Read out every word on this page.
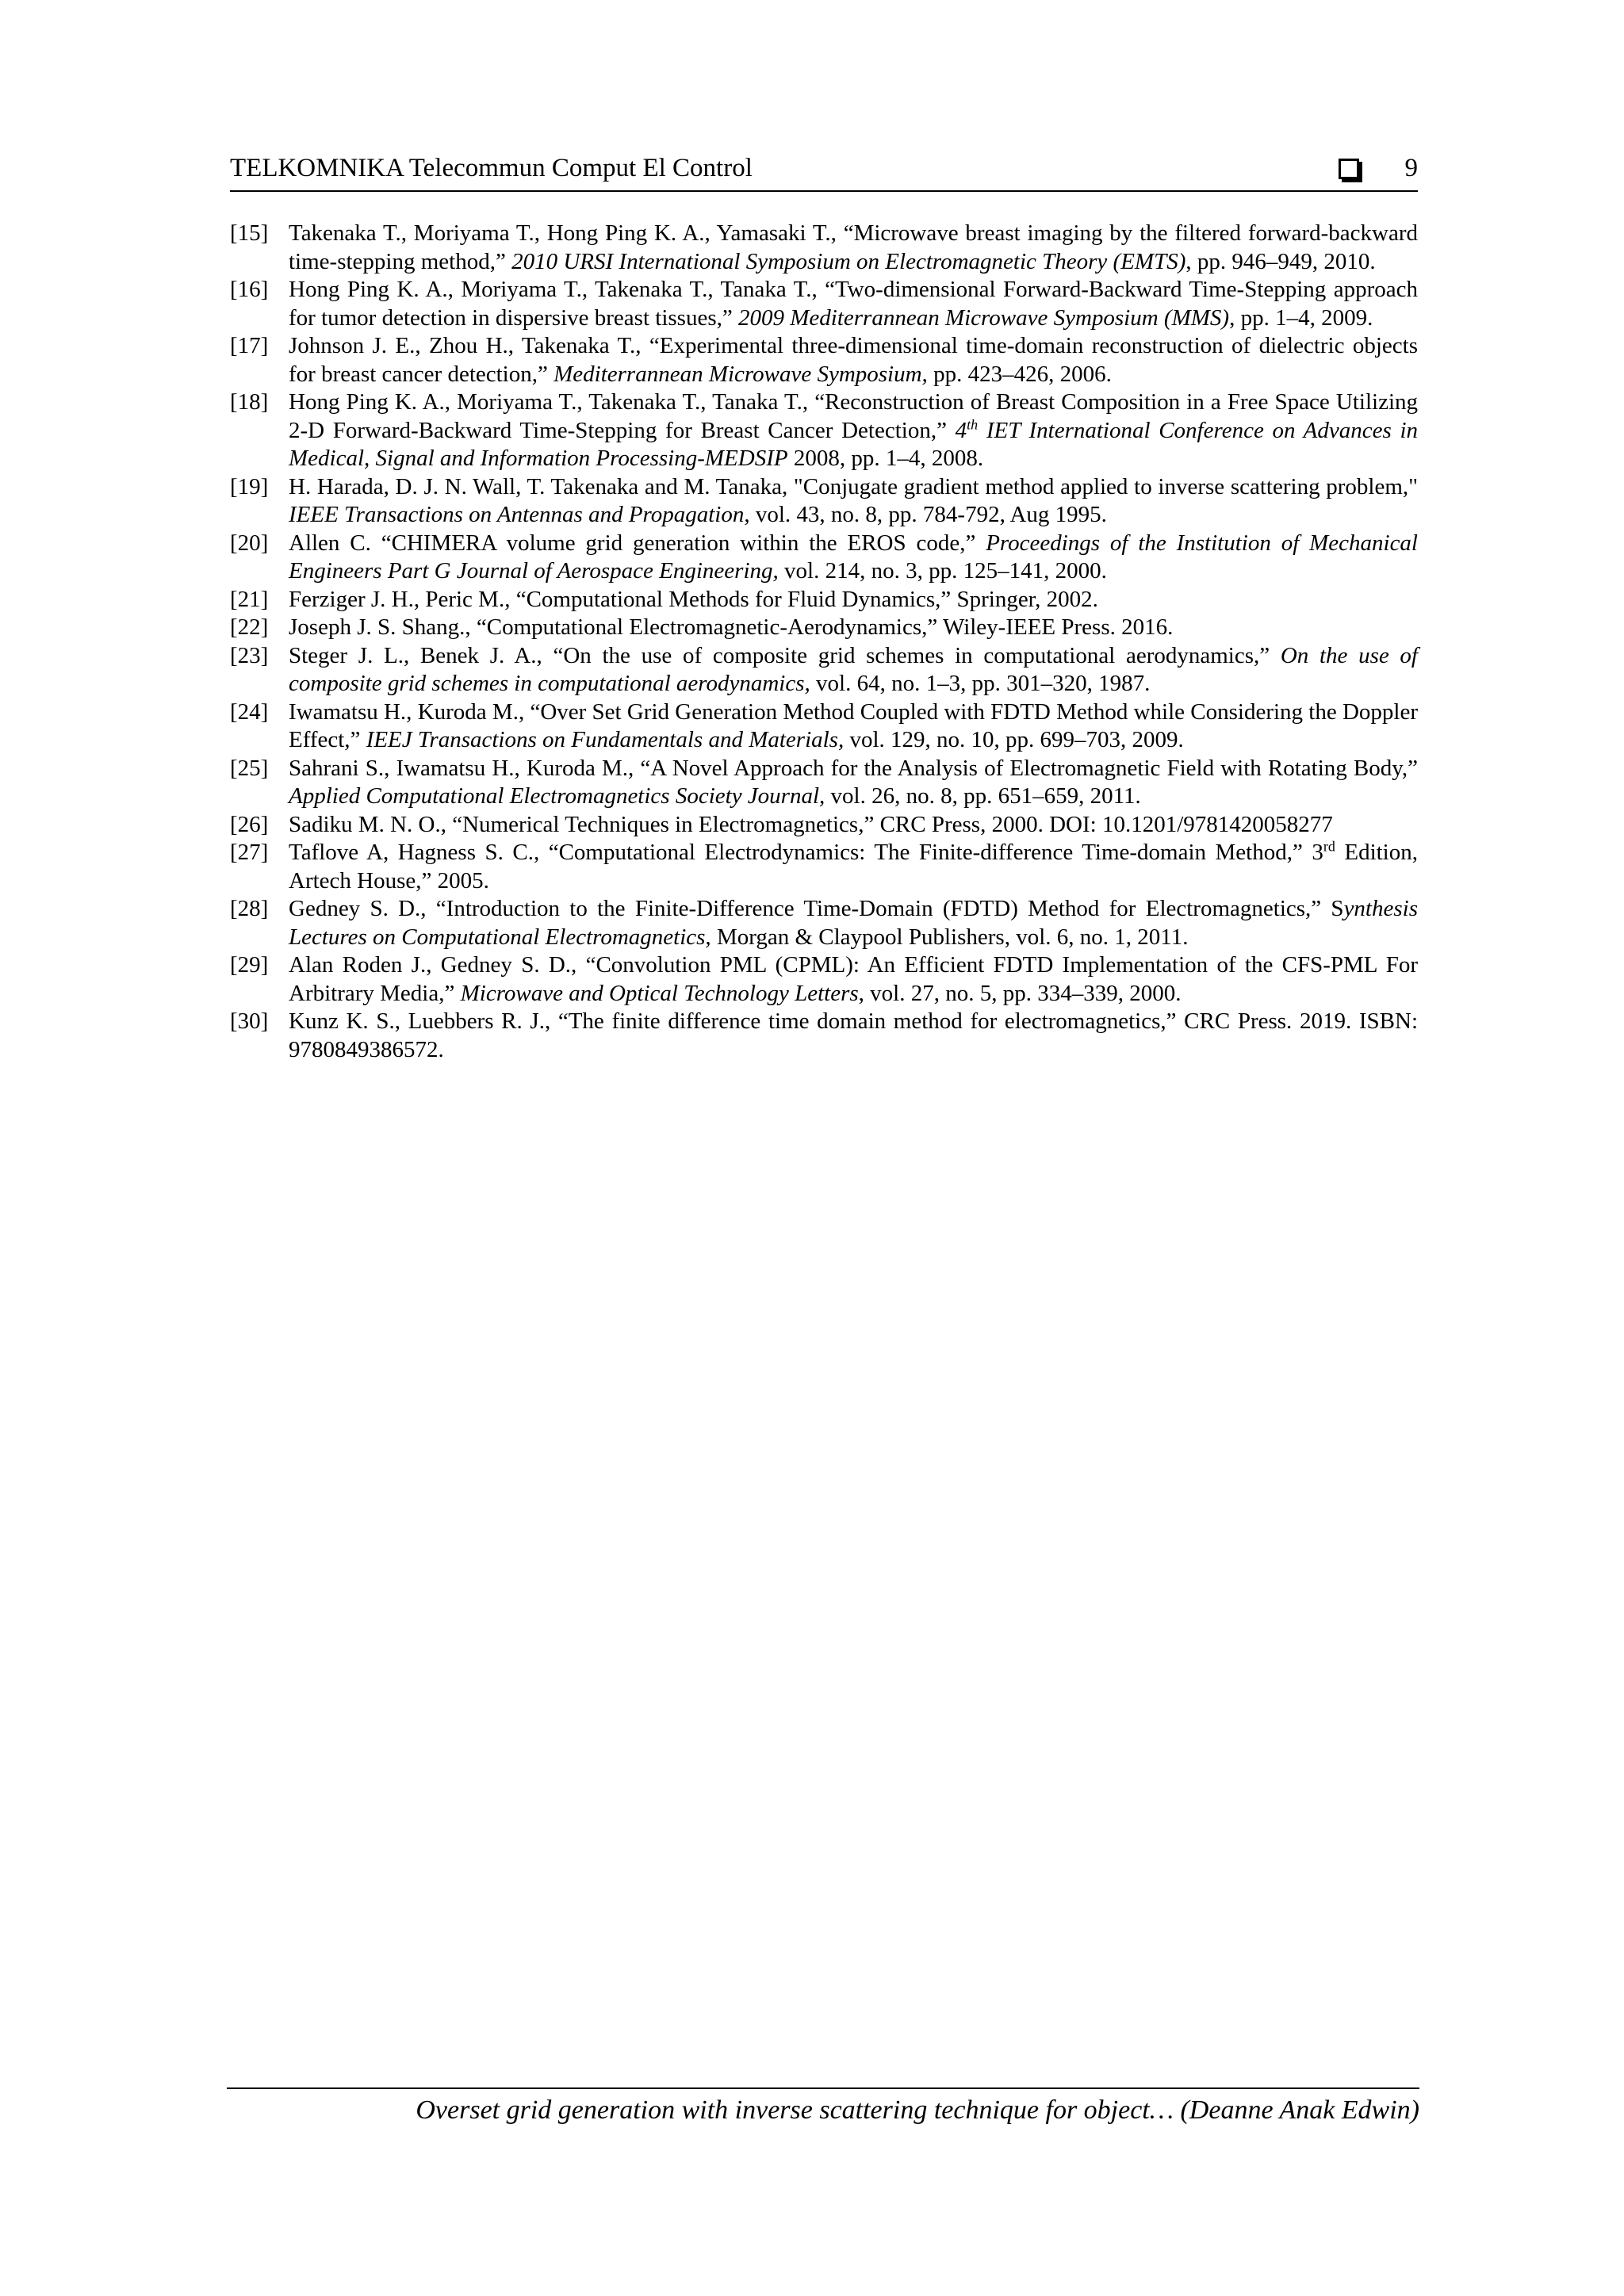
TELKOMNIKA Telecommun Comput El Control	9
[15] Takenaka T., Moriyama T., Hong Ping K. A., Yamasaki T., “Microwave breast imaging by the filtered forward-backward time-stepping method,” 2010 URSI International Symposium on Electromagnetic Theory (EMTS), pp. 946–949, 2010.
[16] Hong Ping K. A., Moriyama T., Takenaka T., Tanaka T., “Two-dimensional Forward-Backward Time-Stepping approach for tumor detection in dispersive breast tissues,” 2009 Mediterrannean Microwave Symposium (MMS), pp. 1–4, 2009.
[17] Johnson J. E., Zhou H., Takenaka T., “Experimental three-dimensional time-domain reconstruction of dielectric objects for breast cancer detection,” Mediterrannean Microwave Symposium, pp. 423–426, 2006.
[18] Hong Ping K. A., Moriyama T., Takenaka T., Tanaka T., “Reconstruction of Breast Composition in a Free Space Utilizing 2-D Forward-Backward Time-Stepping for Breast Cancer Detection,” 4th IET International Conference on Advances in Medical, Signal and Information Processing-MEDSIP 2008, pp. 1–4, 2008.
[19] H. Harada, D. J. N. Wall, T. Takenaka and M. Tanaka, "Conjugate gradient method applied to inverse scattering problem," IEEE Transactions on Antennas and Propagation, vol. 43, no. 8, pp. 784-792, Aug 1995.
[20] Allen C. “CHIMERA volume grid generation within the EROS code,” Proceedings of the Institution of Mechanical Engineers Part G Journal of Aerospace Engineering, vol. 214, no. 3, pp. 125–141, 2000.
[21] Ferziger J. H., Peric M., “Computational Methods for Fluid Dynamics,” Springer, 2002.
[22] Joseph J. S. Shang., “Computational Electromagnetic-Aerodynamics,” Wiley-IEEE Press. 2016.
[23] Steger J. L., Benek J. A., “On the use of composite grid schemes in computational aerodynamics,” On the use of composite grid schemes in computational aerodynamics, vol. 64, no. 1–3, pp. 301–320, 1987.
[24] Iwamatsu H., Kuroda M., “Over Set Grid Generation Method Coupled with FDTD Method while Considering the Doppler Effect,” IEEJ Transactions on Fundamentals and Materials, vol. 129, no. 10, pp. 699–703, 2009.
[25] Sahrani S., Iwamatsu H., Kuroda M., “A Novel Approach for the Analysis of Electromagnetic Field with Rotating Body,” Applied Computational Electromagnetics Society Journal, vol. 26, no. 8, pp. 651–659, 2011.
[26] Sadiku M. N. O., “Numerical Techniques in Electromagnetics,” CRC Press, 2000. DOI: 10.1201/9781420058277
[27] Taflove A, Hagness S. C., “Computational Electrodynamics: The Finite-difference Time-domain Method,” 3rd Edition, Artech House,” 2005.
[28] Gedney S. D., “Introduction to the Finite-Difference Time-Domain (FDTD) Method for Electromagnetics,” Synthesis Lectures on Computational Electromagnetics, Morgan & Claypool Publishers, vol. 6, no. 1, 2011.
[29] Alan Roden J., Gedney S. D., “Convolution PML (CPML): An Efficient FDTD Implementation of the CFS-PML For Arbitrary Media,” Microwave and Optical Technology Letters, vol. 27, no. 5, pp. 334–339, 2000.
[30] Kunz K. S., Luebbers R. J., “The finite difference time domain method for electromagnetics,” CRC Press. 2019. ISBN: 9780849386572.
Overset grid generation with inverse scattering technique for object… (Deanne Anak Edwin)
